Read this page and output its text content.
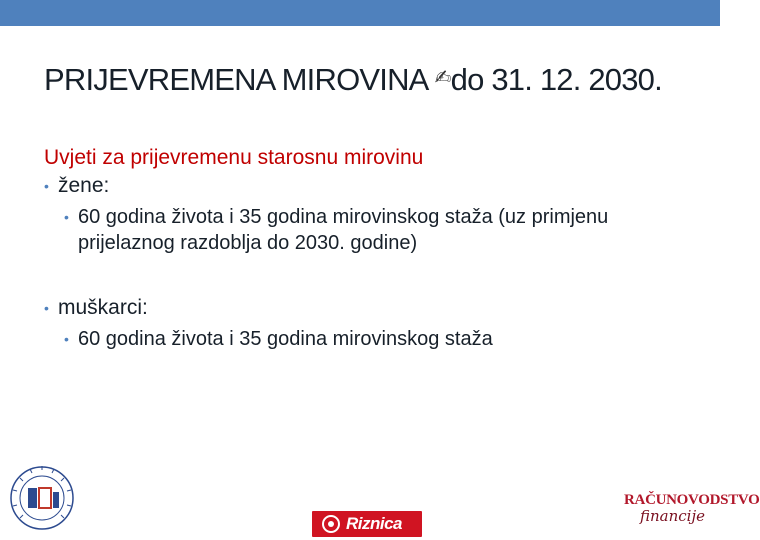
PRIJEVREMENA MIROVINA ✍do 31. 12. 2030.
Uvjeti za prijevremenu starosnu mirovinu
• žene:
• 60 godina života i 35 godina mirovinskog staža (uz primjenu prijelaznog razdoblja do 2030. godine)
• muškarci:
• 60 godina života i 35 godina mirovinskog staža
Riznica
RAČUNOVODSTVO
financije
